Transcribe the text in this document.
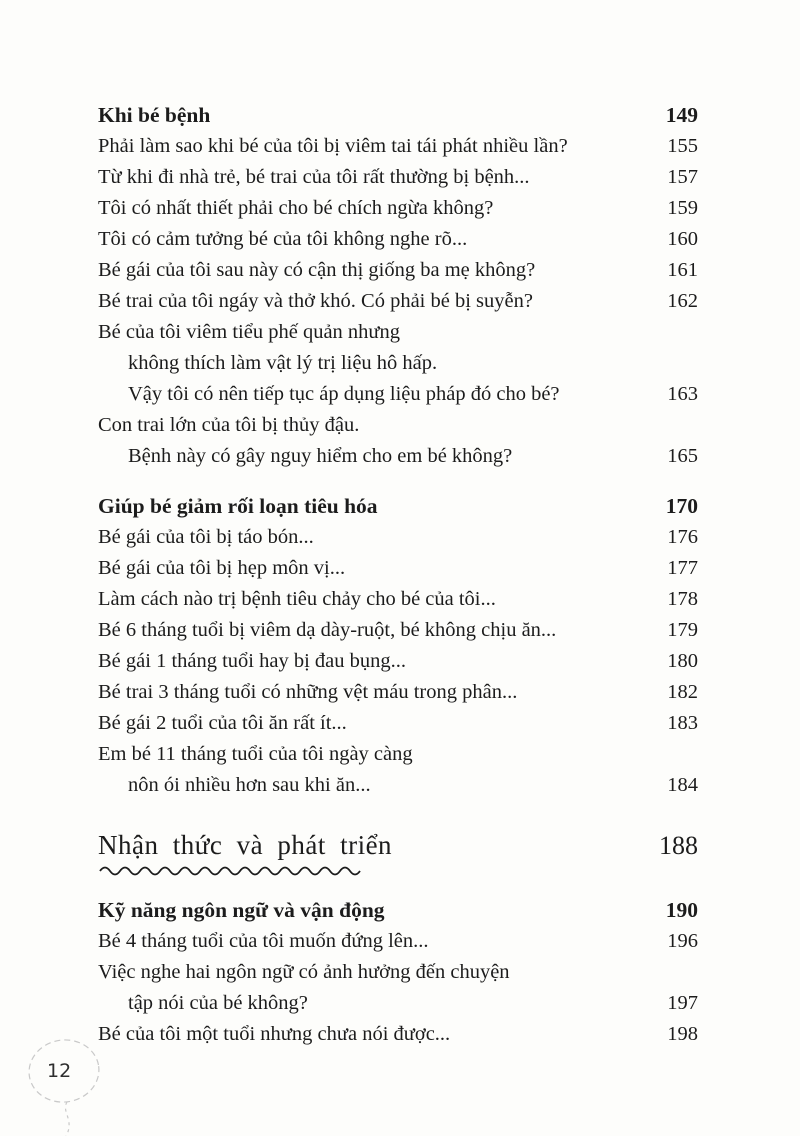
Khi bé bệnh	149
Phải làm sao khi bé của tôi bị viêm tai tái phát nhiều lần?	155
Từ khi đi nhà trẻ, bé trai của tôi rất thường bị bệnh...	157
Tôi có nhất thiết phải cho bé chích ngừa không?	159
Tôi có cảm tưởng bé của tôi không nghe rõ...	160
Bé gái của tôi sau này có cận thị giống ba mẹ không?	161
Bé trai của tôi ngáy và thở khó. Có phải bé bị suyễn?	162
Bé của tôi viêm tiểu phế quản nhưng
không thích làm vật lý trị liệu hô hấp.
Vậy tôi có nên tiếp tục áp dụng liệu pháp đó cho bé?	163
Con trai lớn của tôi bị thủy đậu.
Bệnh này có gây nguy hiểm cho em bé không?	165
Giúp bé giảm rối loạn tiêu hóa	170
Bé gái của tôi bị táo bón...	176
Bé gái của tôi bị hẹp môn vị...	177
Làm cách nào trị bệnh tiêu chảy cho bé của tôi...	178
Bé 6 tháng tuổi bị viêm dạ dày-ruột, bé không chịu ăn...	179
Bé gái 1 tháng tuổi hay bị đau bụng...	180
Bé trai 3 tháng tuổi có những vệt máu trong phân...	182
Bé gái 2 tuổi của tôi ăn rất ít...	183
Em bé 11 tháng tuổi của tôi ngày càng
nôn ói nhiều hơn sau khi ăn...	184
Nhận thức và phát triển	188
Kỹ năng ngôn ngữ và vận động	190
Bé 4 tháng tuổi của tôi muốn đứng lên...	196
Việc nghe hai ngôn ngữ có ảnh hưởng đến chuyện
tập nói của bé không?	197
Bé của tôi một tuổi nhưng chưa nói được...	198
12
